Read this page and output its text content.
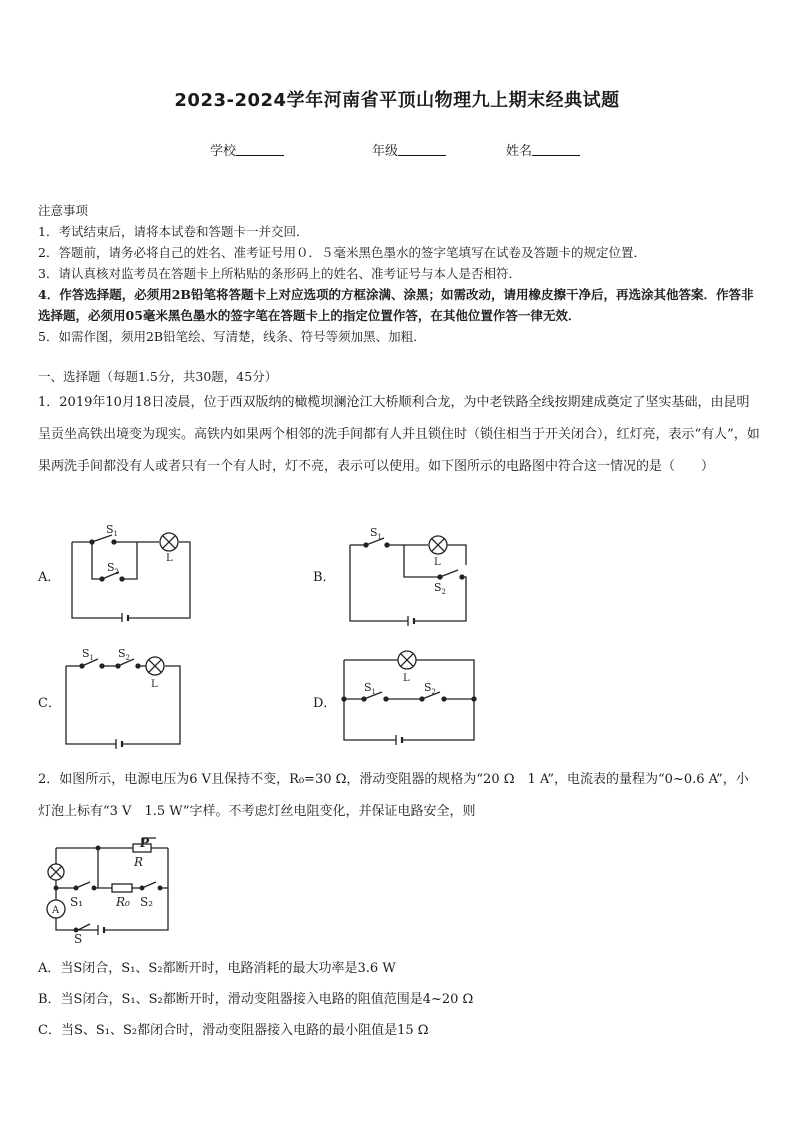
2023-2024学年河南省平顶山物理九上期末经典试题
学校	年级	姓名
注意事项
1．考试结束后，请将本试卷和答题卡一并交回．
2．答题前，请务必将自己的姓名、准考证号用０．５毫米黑色墨水的签字笔填写在试卷及答题卡的规定位置．
3．请认真核对监考员在答题卡上所粘贴的条形码上的姓名、准考证号与本人是否相符．
4．作答选择题，必须用2B铅笔将答题卡上对应选项的方框涂满、涂黑；如需改动，请用橡皮擦干净后，再选涂其他答案．作答非选择题，必须用05毫米黑色墨水的签字笔在答题卡上的指定位置作答，在其他位置作答一律无效．
5．如需作图，须用2B铅笔绘、写清楚，线条、符号等须加黑、加粗．
一、选择题（每题1.5分，共30题，45分）
1．2019年10月18日凌晨，位于西双版纳的橄榄坝澜沧江大桥顺利合龙，为中老铁路全线按期建成奠定了坚实基础，由昆明呈贡坐高铁出境变为现实。高铁内如果两个相邻的洗手间都有人并且锁住时（锁住相当于开关闭合），红灯亮，表示“有人”，如果两洗手间都没有人或者只有一个有人时，灯不亮，表示可以使用。如下图所示的电路图中符合这一情况的是（　　）
A．	B．
C．	D．
$S_1$
$S_2$
L
$S_1$
L
$S_2$
$S_1$ $S_2$
L	$S_1$	$S_2$
L
2．如图所示，电源电压为6 V且保持不变，R₀=30 Ω，滑动变阻器的规格为“20 Ω　1 A”，电流表的量程为“0~0.6 A”，小灯泡上标有“3 V　1.5 W”字样。不考虑灯丝电阻变化，并保证电路安全，则
P
R
R₀
S₁	S₂
S
A
A．当S闭合，S₁、S₂都断开时，电路消耗的最大功率是3.6 W
B．当S闭合，S₁、S₂都断开时，滑动变阻器接入电路的阻值范围是4~20 Ω
C．当S、S₁、S₂都闭合时，滑动变阻器接入电路的最小阻值是15 Ω
